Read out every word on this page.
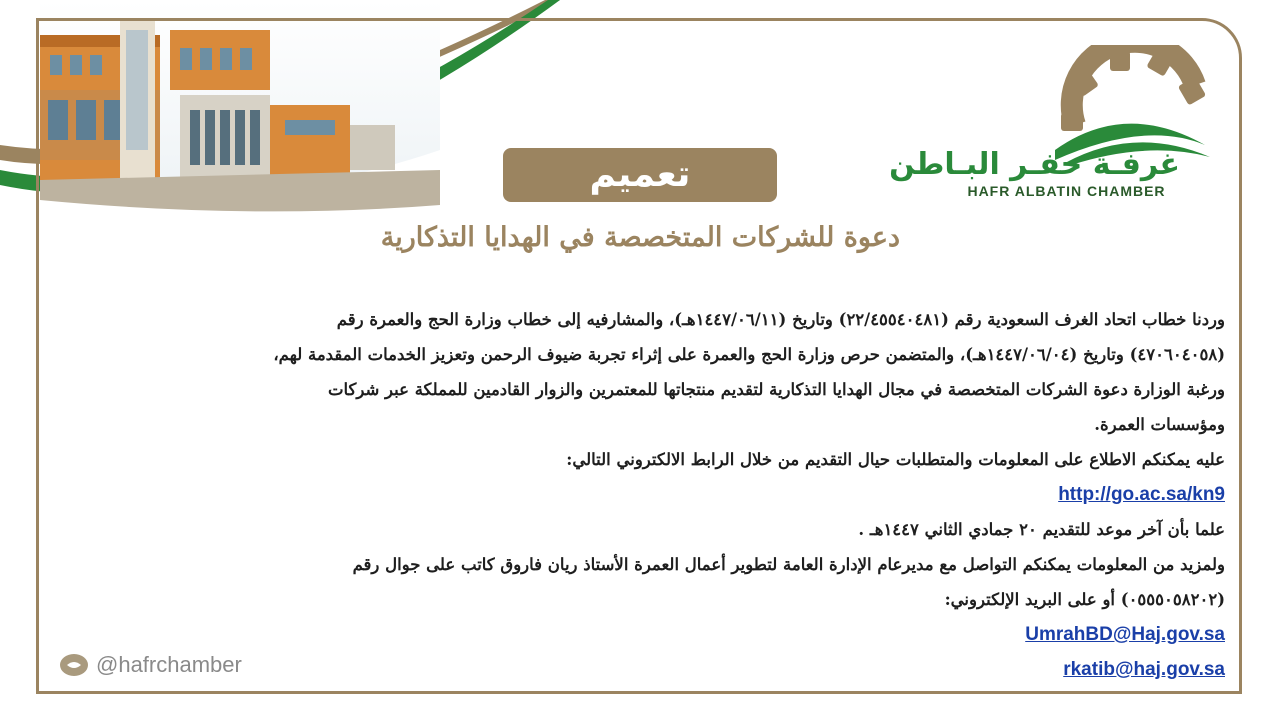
غرفـة حفـر البـاطن
HAFR ALBATIN CHAMBER
تعميم
دعوة للشركات المتخصصة في الهدايا التذكارية
وردنا خطاب اتحاد الغرف السعودية رقم (٢٢/٤٥٥٤٠٤٨١) وتاريخ (١٤٤٧/٠٦/١١هـ)، والمشارفيه إلى خطاب وزارة الحج والعمرة رقم
(٤٧٠٦٠٤٠٥٨) وتاريخ (١٤٤٧/٠٦/٠٤هـ)، والمتضمن حرص وزارة الحج والعمرة على إثراء تجربة ضيوف الرحمن وتعزيز الخدمات المقدمة لهم،
ورغبة الوزارة دعوة الشركات المتخصصة في مجال الهدايا التذكارية لتقديم منتجاتها للمعتمرين والزوار القادمين للمملكة عبر شركات
ومؤسسات العمرة.
عليه يمكنكم الاطلاع على المعلومات والمتطلبات حيال التقديم من خلال الرابط الالكتروني التالي:
http://go.ac.sa/kn9
علما بأن آخر موعد للتقديم ٢٠ جمادي الثاني ١٤٤٧هـ .
ولمزيد من المعلومات يمكنكم التواصل مع مديرعام الإدارة العامة لتطوير أعمال العمرة الأستاذ ريان فاروق كاتب على جوال رقم
(٠٥٥٥٠٥٨٢٠٢) أو على البريد الإلكتروني:
UmrahBD@Haj.gov.sa
rkatib@haj.gov.sa
@hafrchamber
